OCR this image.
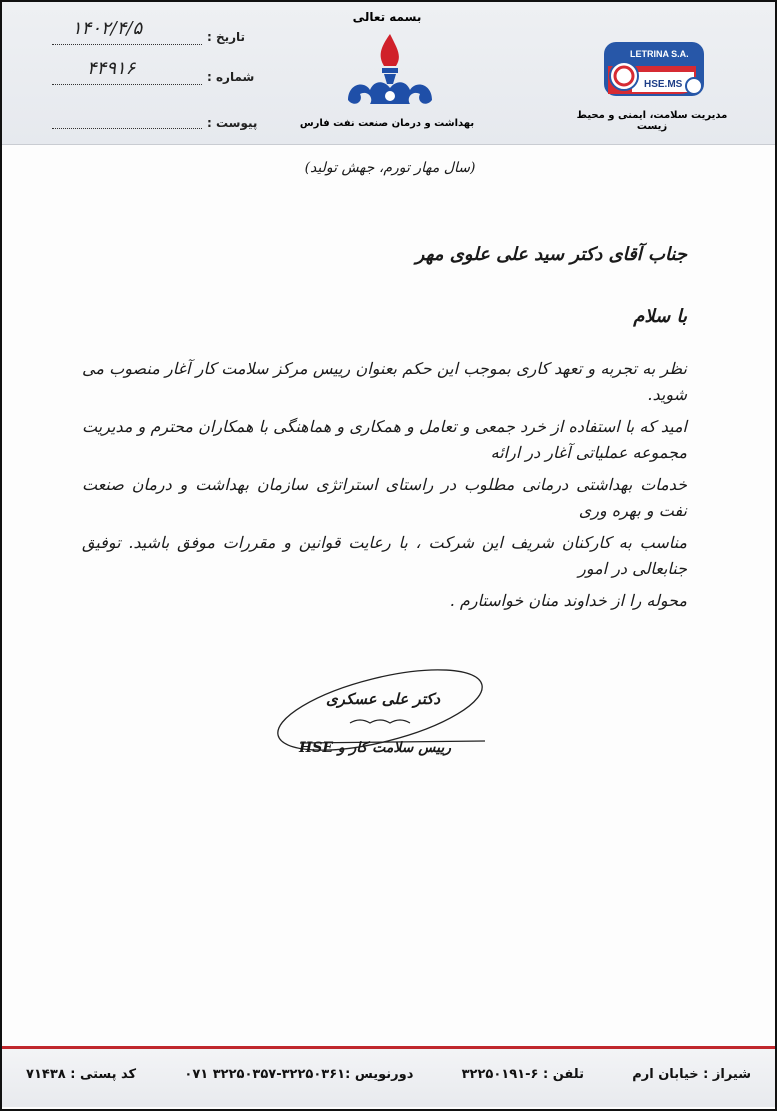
تاریخ :
۱۴۰۲/۴/۵
شماره :
۴۴۹۱۶
پیوست :
بسمه تعالی
بهداشت و درمان صنعت نفت فارس
LETRINA S.A.
HSE.MS
مدیریت سلامت، ایمنی و محیط زیست
(سال مهار تورم، جهش تولید)
جناب آقای دکتر سید علی علوی مهر
با سلام
نظر به تجربه و تعهد کاری بموجب این حکم بعنوان رییس مرکز سلامت کار آغار منصوب می شوید.
امید که با استفاده از خرد جمعی و تعامل و همکاری و هماهنگی با همکاران محترم و مدیریت مجموعه عملیاتی آغار در ارائه
خدمات بهداشتی درمانی مطلوب در راستای استراتژی سازمان بهداشت و درمان صنعت نفت و بهره وری
مناسب به کارکنان شریف این شرکت ، با رعایت قوانین و مقررات موفق باشید. توفیق جنابعالی در امور
محوله را از خداوند منان خواستارم .
دکتر علی عسکری
رییس سلامت کار و HSE
شیراز : خیابان ارم
تلفن : ۶-۳۲۲۵۰۱۹۱
دورنویس :۳۲۲۵۰۳۶۱-۳۲۲۵۰۳۵۷ ۰۷۱
کد پستی : ۷۱۴۳۸
